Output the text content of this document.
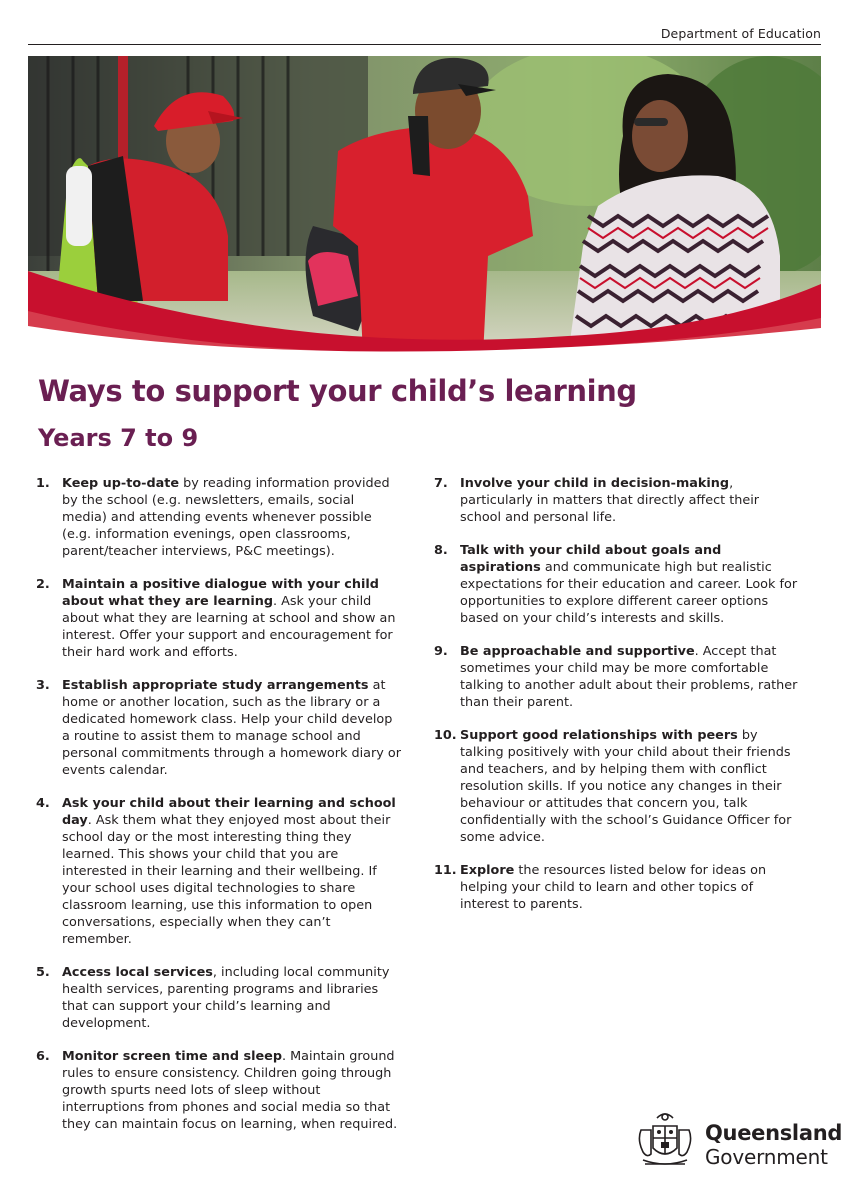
Department of Education
Ways to support your child’s learning
Years 7 to 9
1. Keep up-to-date by reading information provided by the school (e.g. newsletters, emails, social media) and attending events whenever possible (e.g. information evenings, open classrooms, parent/teacher interviews, P&C meetings).
2. Maintain a positive dialogue with your child about what they are learning. Ask your child about what they are learning at school and show an interest. Offer your support and encouragement for their hard work and efforts.
3. Establish appropriate study arrangements at home or another location, such as the library or a dedicated homework class. Help your child develop a routine to assist them to manage school and personal commitments through a homework diary or events calendar.
4. Ask your child about their learning and school day. Ask them what they enjoyed most about their school day or the most interesting thing they learned. This shows your child that you are interested in their learning and their wellbeing. If your school uses digital technologies to share classroom learning, use this information to open conversations, especially when they can’t remember.
5. Access local services, including local community health services, parenting programs and libraries that can support your child’s learning and development.
6. Monitor screen time and sleep. Maintain ground rules to ensure consistency. Children going through growth spurts need lots of sleep without interruptions from phones and social media so that they can maintain focus on learning, when required.
7. Involve your child in decision-making, particularly in matters that directly affect their school and personal life.
8. Talk with your child about goals and aspirations and communicate high but realistic expectations for their education and career. Look for opportunities to explore different career options based on your child’s interests and skills.
9. Be approachable and supportive. Accept that sometimes your child may be more comfortable talking to another adult about their problems, rather than their parent.
10. Support good relationships with peers by talking positively with your child about their friends and teachers, and by helping them with conflict resolution skills. If you notice any changes in their behaviour or attitudes that concern you, talk confidentially with the school’s Guidance Officer for some advice.
11. Explore the resources listed below for ideas on helping your child to learn and other topics of interest to parents.
Queensland
Government
